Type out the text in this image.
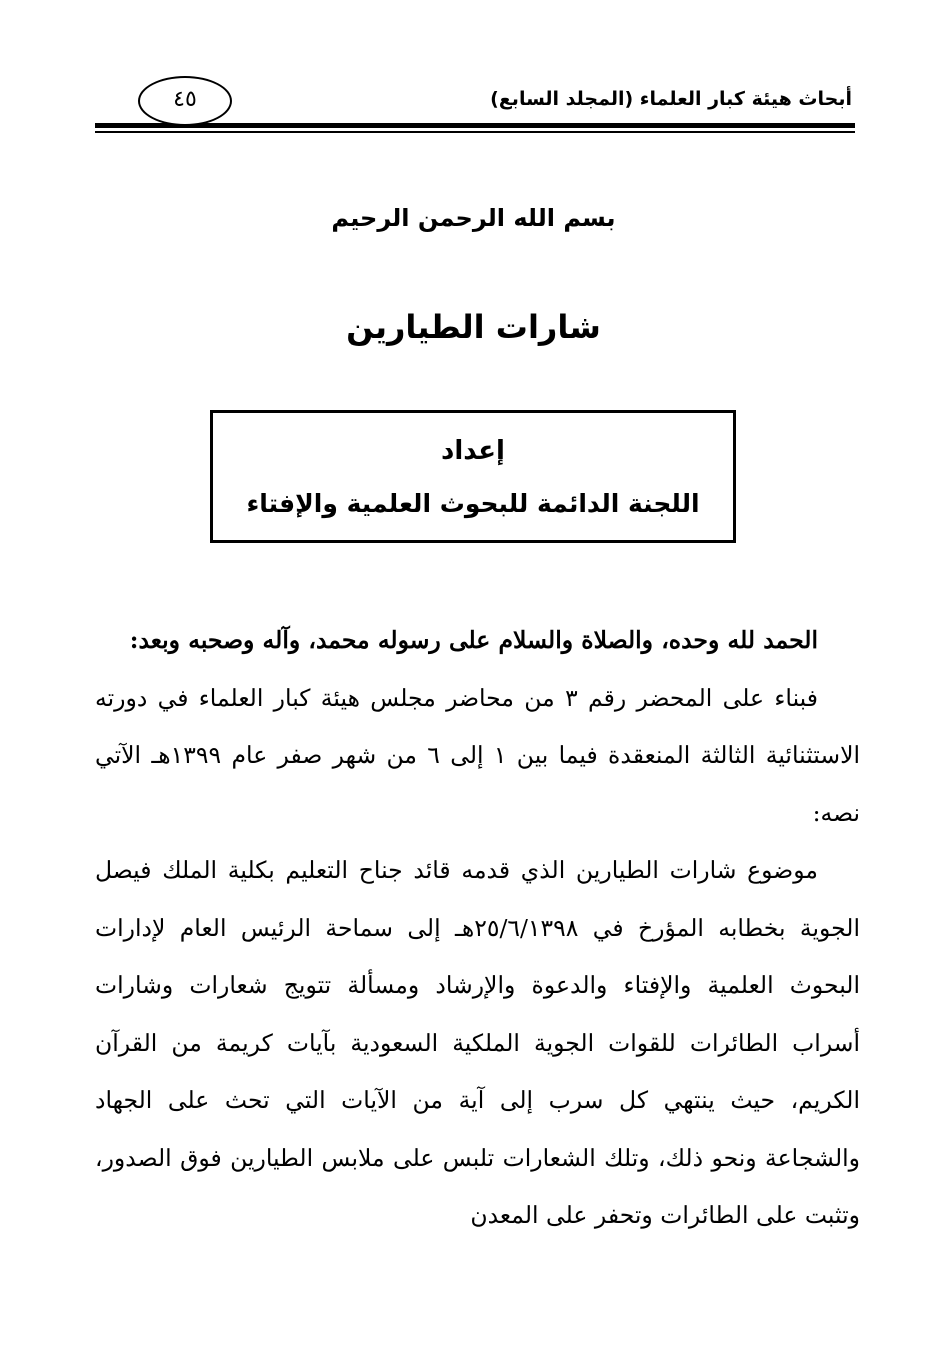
أبحاث هيئة كبار العلماء (المجلد السابع)
٤٥
بسم الله الرحمن الرحيم
شارات الطيارين
إعداد
اللجنة الدائمة للبحوث العلمية والإفتاء

الحمد لله وحده، والصلاة والسلام على رسوله محمد، وآله وصحبه وبعد:

فبناء على المحضر رقم ٣ من محاضر مجلس هيئة كبار العلماء في دورته الاستثنائية الثالثة المنعقدة فيما بين ١ إلى ٦ من شهر صفر عام ١٣٩٩هـ الآتي نصه:

موضوع شارات الطيارين الذي قدمه قائد جناح التعليم بكلية الملك فيصل الجوية بخطابه المؤرخ في ٢٥/٦/١٣٩٨هـ إلى سماحة الرئيس العام لإدارات البحوث العلمية والإفتاء والدعوة والإرشاد ومسألة تتويج شعارات وشارات أسراب الطائرات للقوات الجوية الملكية السعودية بآيات كريمة من القرآن الكريم، حيث ينتهي كل سرب إلى آية من الآيات التي تحث على الجهاد والشجاعة ونحو ذلك، وتلك الشعارات تلبس على ملابس الطيارين فوق الصدور، وتثبت على الطائرات وتحفر على المعدن
